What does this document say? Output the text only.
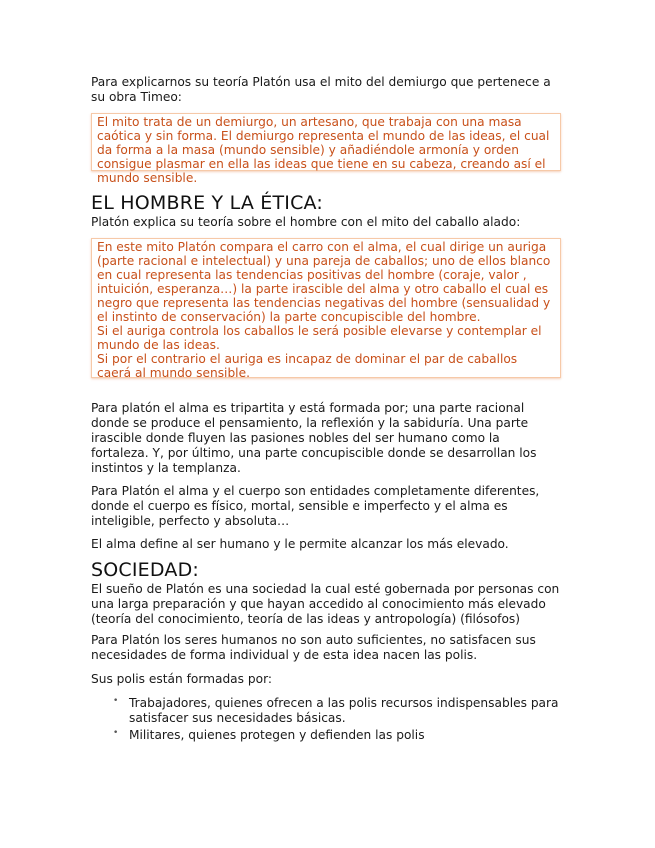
Para explicarnos su teoría Platón usa el mito del demiurgo que pertenece a su obra Timeo:

El mito trata de un demiurgo, un artesano, que trabaja con una masa caótica y sin forma. El demiurgo representa el mundo de las ideas, el cual da forma a la masa (mundo sensible) y añadiéndole armonía y orden consigue plasmar en ella las ideas que tiene en su cabeza, creando así el mundo sensible.

EL HOMBRE Y LA ÉTICA:

Platón explica su teoría sobre el hombre con el mito del caballo alado:

En este mito Platón compara el carro con el alma, el cual dirige un auriga (parte racional e intelectual) y una pareja de caballos; uno de ellos blanco en cual representa las tendencias positivas del hombre (coraje, valor , intuición, esperanza…) la parte irascible del alma y otro caballo el cual es negro que representa las tendencias negativas del hombre (sensualidad y el instinto de conservación) la parte concupiscible del hombre.

Si el auriga controla los caballos le será posible elevarse y contemplar el mundo de las ideas.

Si por el contrario el auriga es incapaz de dominar el par de caballos caerá al mundo sensible.

Para platón el alma es tripartita y está formada por; una parte racional donde se produce el pensamiento, la reflexión y la sabiduría. Una parte irascible donde fluyen las pasiones nobles del ser humano como la fortaleza. Y, por último, una parte concupiscible donde se desarrollan los instintos y la templanza.

Para Platón el alma y el cuerpo son entidades completamente diferentes, donde el cuerpo es físico, mortal, sensible e imperfecto y el alma es inteligible, perfecto y absoluta…

El alma define al ser humano y le permite alcanzar los más elevado.

SOCIEDAD:

El sueño de Platón es una sociedad la cual esté gobernada por personas con una larga preparación y que hayan accedido al conocimiento más elevado (teoría del conocimiento, teoría de las ideas y antropología) (filósofos)

Para Platón los seres humanos no son auto suficientes, no satisfacen sus necesidades de forma individual y de esta idea nacen las polis.

Sus polis están formadas por:

• Trabajadores, quienes ofrecen a las polis recursos indispensables para satisfacer sus necesidades básicas.
• Militares, quienes protegen y defienden las polis
